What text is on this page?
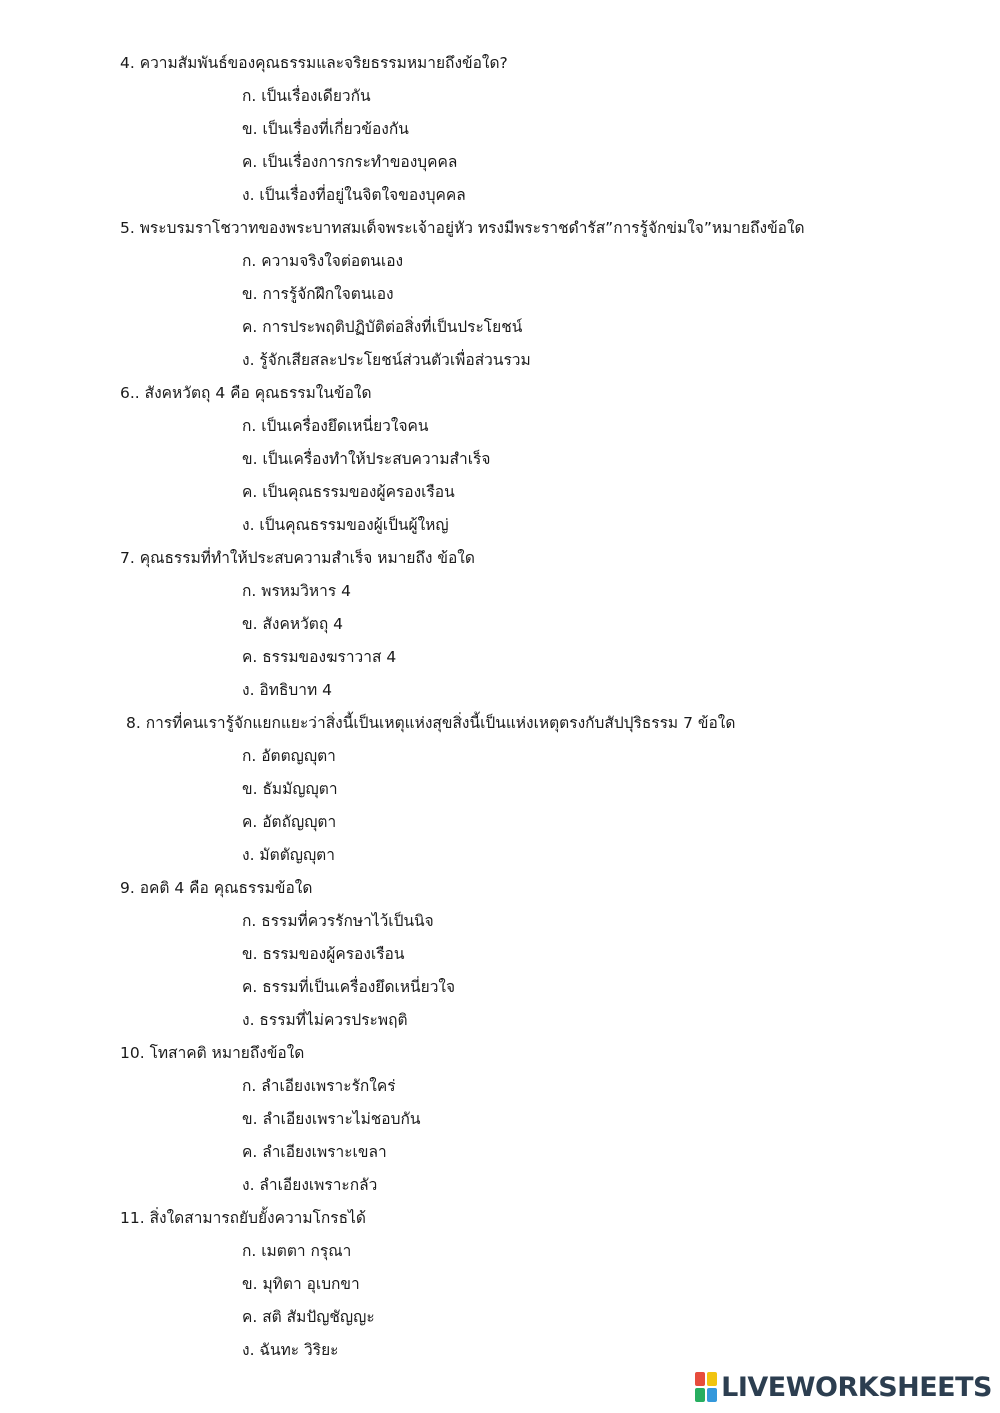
4. ความสัมพันธ์ของคุณธรรมและจริยธรรมหมายถึงข้อใด?

ก. เป็นเรื่องเดียวกัน

ข. เป็นเรื่องที่เกี่ยวข้องกัน

ค. เป็นเรื่องการกระทำของบุคคล

ง. เป็นเรื่องที่อยู่ในจิตใจของบุคคล

5. พระบรมราโชวาทของพระบาทสมเด็จพระเจ้าอยู่หัว ทรงมีพระราชดำรัส”การรู้จักข่มใจ”หมายถึงข้อใด

ก. ความจริงใจต่อตนเอง

ข. การรู้จักฝึกใจตนเอง

ค. การประพฤติปฏิบัติต่อสิ่งที่เป็นประโยชน์

ง. รู้จักเสียสละประโยชน์ส่วนตัวเพื่อส่วนรวม

6.. สังคหวัตถุ 4 คือ คุณธรรมในข้อใด

ก. เป็นเครื่องยึดเหนี่ยวใจคน

ข. เป็นเครื่องทำให้ประสบความสำเร็จ

ค. เป็นคุณธรรมของผู้ครองเรือน

ง. เป็นคุณธรรมของผู้เป็นผู้ใหญ่

7. คุณธรรมที่ทำให้ประสบความสำเร็จ หมายถึง ข้อใด

ก. พรหมวิหาร 4

ข. สังคหวัตถุ 4

ค. ธรรมของฆราวาส 4

ง. อิทธิบาท 4

8. การที่คนเรารู้จักแยกแยะว่าสิ่งนี้เป็นเหตุแห่งสุขสิ่งนี้เป็นแห่งเหตุตรงกับสัปปุริธรรม 7 ข้อใด

ก. อัตตญญุตา

ข. ธัมมัญญุตา

ค. อัตถัญญุตา

ง. มัตตัญญุตา

9. อคติ 4 คือ คุณธรรมข้อใด

ก. ธรรมที่ควรรักษาไว้เป็นนิจ

ข. ธรรมของผู้ครองเรือน

ค. ธรรมที่เป็นเครื่องยึดเหนี่ยวใจ

ง. ธรรมที่ไม่ควรประพฤติ

10. โทสาคติ หมายถึงข้อใด

ก. ลำเอียงเพราะรักใคร่

ข. ลำเอียงเพราะไม่ชอบกัน

ค. ลำเอียงเพราะเขลา

ง. ลำเอียงเพราะกลัว

11. สิ่งใดสามารถยับยั้งความโกรธได้

ก. เมตตา กรุณา

ข. มุทิตา อุเบกขา

ค. สติ สัมปัญชัญญะ

ง. ฉันทะ วิริยะ

LIVEWORKSHEETS
